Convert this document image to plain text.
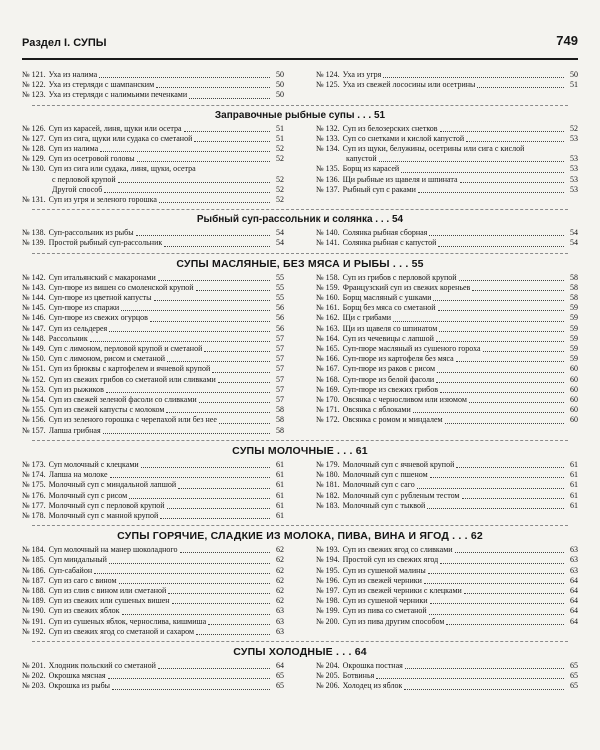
Раздел I. СУПЫ	749
№ 121. Уха из налима	50
№ 122. Уха из стерляди с шампанским	50
№ 123. Уха из стерляди с налимьими печенками	50
№ 124. Уха из угря	50
№ 125. Уха из свежей лососины или осетрины	51
Заправочные рыбные супы . . . 51
№ 126. Суп из карасей, линя, щуки или осетра	51
№ 127. Суп из сига, щуки или судака со сметаной	51
№ 128. Суп из налима	52
№ 129. Суп из осетровой головы	52
№ 130. Суп из сига или судака, линя, щуки, осетра
с перловой крупой	52
Другой способ	52
№ 131. Суп из угря и зеленого горошка	52
№ 132. Суп из белозерских снетков	52
№ 133. Суп со снетками и кислой капустой	53
№ 134. Суп из щуки, белужины, осетрины или сига с кислой
капустой	53
№ 135. Борщ из карасей	53
№ 136. Щи рыбные из щавеля и шпината	53
№ 137. Рыбный суп с раками	53
Рыбный суп-рассольник и солянка . . . 54
№ 138. Суп-рассольник из рыбы	54
№ 139. Простой рыбный суп-рассольник	54
№ 140. Солянка рыбная сборная	54
№ 141. Солянка рыбная с капустой	54
СУПЫ МАСЛЯНЫЕ, БЕЗ МЯСА И РЫБЫ . . . 55
№ 142. Суп итальянский с макаронами	55
№ 143. Суп-пюре из вишен со смоленской крупой	55
№ 144. Суп-пюре из цветной капусты	55
№ 145. Суп-пюре из спаржи	56
№ 146. Суп-пюре из свежих огурцов	56
№ 147. Суп из сельдерея	56
№ 148. Рассольник	57
№ 149. Суп с лимоном, перловой крупой и сметаной	57
№ 150. Суп с лимоном, рисом и сметаной	57
№ 151. Суп из брюквы с картофелем и ячневой крупой	57
№ 152. Суп из свежих грибов со сметаной или сливками	57
№ 153. Суп из рыжиков	57
№ 154. Суп из свежей зеленой фасоли со сливками	57
№ 155. Суп из свежей капусты с молоком	58
№ 156. Суп из зеленого горошка с черепахой или без нее	58
№ 157. Лапша грибная	58
№ 158. Суп из грибов с перловой крупой	58
№ 159. Французский суп из свежих кореньев	58
№ 160. Борщ масляный с ушками	58
№ 161. Борщ без мяса со сметаной	59
№ 162. Щи с грибами	59
№ 163. Щи из щавеля со шпинатом	59
№ 164. Суп из чечевицы с лапшой	59
№ 165. Суп-пюре масляный из сушеного гороха	59
№ 166. Суп-пюре из картофеля без мяса	59
№ 167. Суп-пюре из раков с рисом	60
№ 168. Суп-пюре из белой фасоли	60
№ 169. Суп-пюре из свежих грибов	60
№ 170. Овсянка с черносливом или изюмом	60
№ 171. Овсянка с яблоками	60
№ 172. Овсянка с ромом и миндалем	60
СУПЫ МОЛОЧНЫЕ . . . 61
№ 173. Суп молочный с клецками	61
№ 174. Лапша на молоке	61
№ 175. Молочный суп с миндальной лапшой	61
№ 176. Молочный суп с рисом	61
№ 177. Молочный суп с перловой крупой	61
№ 178. Молочный суп с манной крупой	61
№ 179. Молочный суп с ячневой крупой	61
№ 180. Молочный суп с пшеном	61
№ 181. Молочный суп с саго	61
№ 182. Молочный суп с рубленым тестом	61
№ 183. Молочный суп с тыквой	61
СУПЫ ГОРЯЧИЕ, СЛАДКИЕ ИЗ МОЛОКА, ПИВА, ВИНА И ЯГОД . . . 62
№ 184. Суп молочный на манер шоколадного	62
№ 185. Суп миндальный	62
№ 186. Суп-сабайон	62
№ 187. Суп из саго с вином	62
№ 188. Суп из слив с вином или сметаной	62
№ 189. Суп из свежих или сушеных вишен	62
№ 190. Суп из свежих яблок	63
№ 191. Суп из сушеных яблок, чернослива, кишмиша	63
№ 192. Суп из свежих ягод со сметаной и сахаром	63
№ 193. Суп из свежих ягод со сливками	63
№ 194. Простой суп из свежих ягод	63
№ 195. Суп из сушеной малины	63
№ 196. Суп из свежей черники	64
№ 197. Суп из свежей черники с клецками	64
№ 198. Суп из сушеной черники	64
№ 199. Суп из пива со сметаной	64
№ 200. Суп из пива другим способом	64
СУПЫ ХОЛОДНЫЕ . . . 64
№ 201. Хлодник польский со сметаной	64
№ 202. Окрошка мясная	65
№ 203. Окрошка из рыбы	65
№ 204. Окрошка постная	65
№ 205. Ботвинья	65
№ 206. Холодец из яблок	65
